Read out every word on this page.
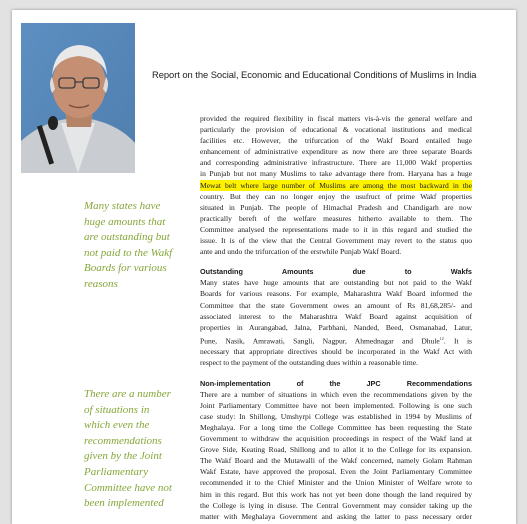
Report on the Social, Economic and Educational Conditions of Muslims in India
Many states have
huge amounts that
are outstanding but
not paid to the Wakf
Boards for various
reasons
There are a number
of situations in
which even the
recommendations
given by the Joint
Parliamentary
Committee have not
been implemented

provided the required flexibility in fiscal matters vis-à-vis the general welfare and

particularly the provision of educational & vocational institutions and medical

facilities etc. However, the trifurcation of the Wakf Board entailed huge

enhancement of administrative expenditure as now there are three separate Boards

and corresponding administrative infrastructure. There are 11,000 Wakf properties

in Punjab but not many Muslims to take advantage there from. Haryana has a huge

Mewat belt where large number of Muslims are among the most backward in the

country. But they can no longer enjoy the usufruct of prime Wakf properties

situated in Punjab. The people of Himachal Pradesh and Chandigarh are now

practically bereft of the welfare measures hitherto available to them. The

Committee analysed the representations made to it in this regard and studied the

issue. It is of the view that the Central Government may revert to the status quo

ante and undo the trifurcation of the erstwhile Punjab Wakf Board.

Outstanding Amounts due to Wakfs

Many states have huge amounts that are outstanding but not paid to the Wakf

Boards for various reasons. For example, Maharashtra Wakf Board informed the

Committee that the state Government owes an amount of Rs 81,68,285/- and

associated interest to the Maharashtra Wakf Board against acquisition of

properties in Aurangabad, Jalna, Parbhani, Nanded, Beed, Osmanabad, Latur,

Pune, Nasik, Amrawati, Sangli, Nagpur, Ahmednagar and Dhule$^{12}$. It is

necessary that appropriate directives should be incorporated in the Wakf Act with

respect to the payment of the outstanding dues within a reasonable time.

Non-implementation of the JPC Recommendations

There are a number of situations in which even the recommendations given by the

Joint Parliamentary Committee have not been implemented. Following is one such

case study: In Shillong, Umshyrpi College was established in 1994 by Muslims of

Meghalaya. For a long time the College Committee has been requesting the State

Government to withdraw the acquisition proceedings in respect of the Wakf land at

Grove Side, Keating Road, Shillong and to allot it to the College for its expansion.

The Wakf Board and the Mutawalli of the Wakf concerned, namely Golam Rahman

Wakf Estate, have approved the proposal. Even the Joint Parliamentary Committee

recommended it to the Chief Minister and the Union Minister of Welfare wrote to

him in this regard. But this work has not yet been done though the land required by

the College is lying in disuse. The Central Government may consider taking up the

matter with Meghalaya Government and asking the latter to pass necessary order
